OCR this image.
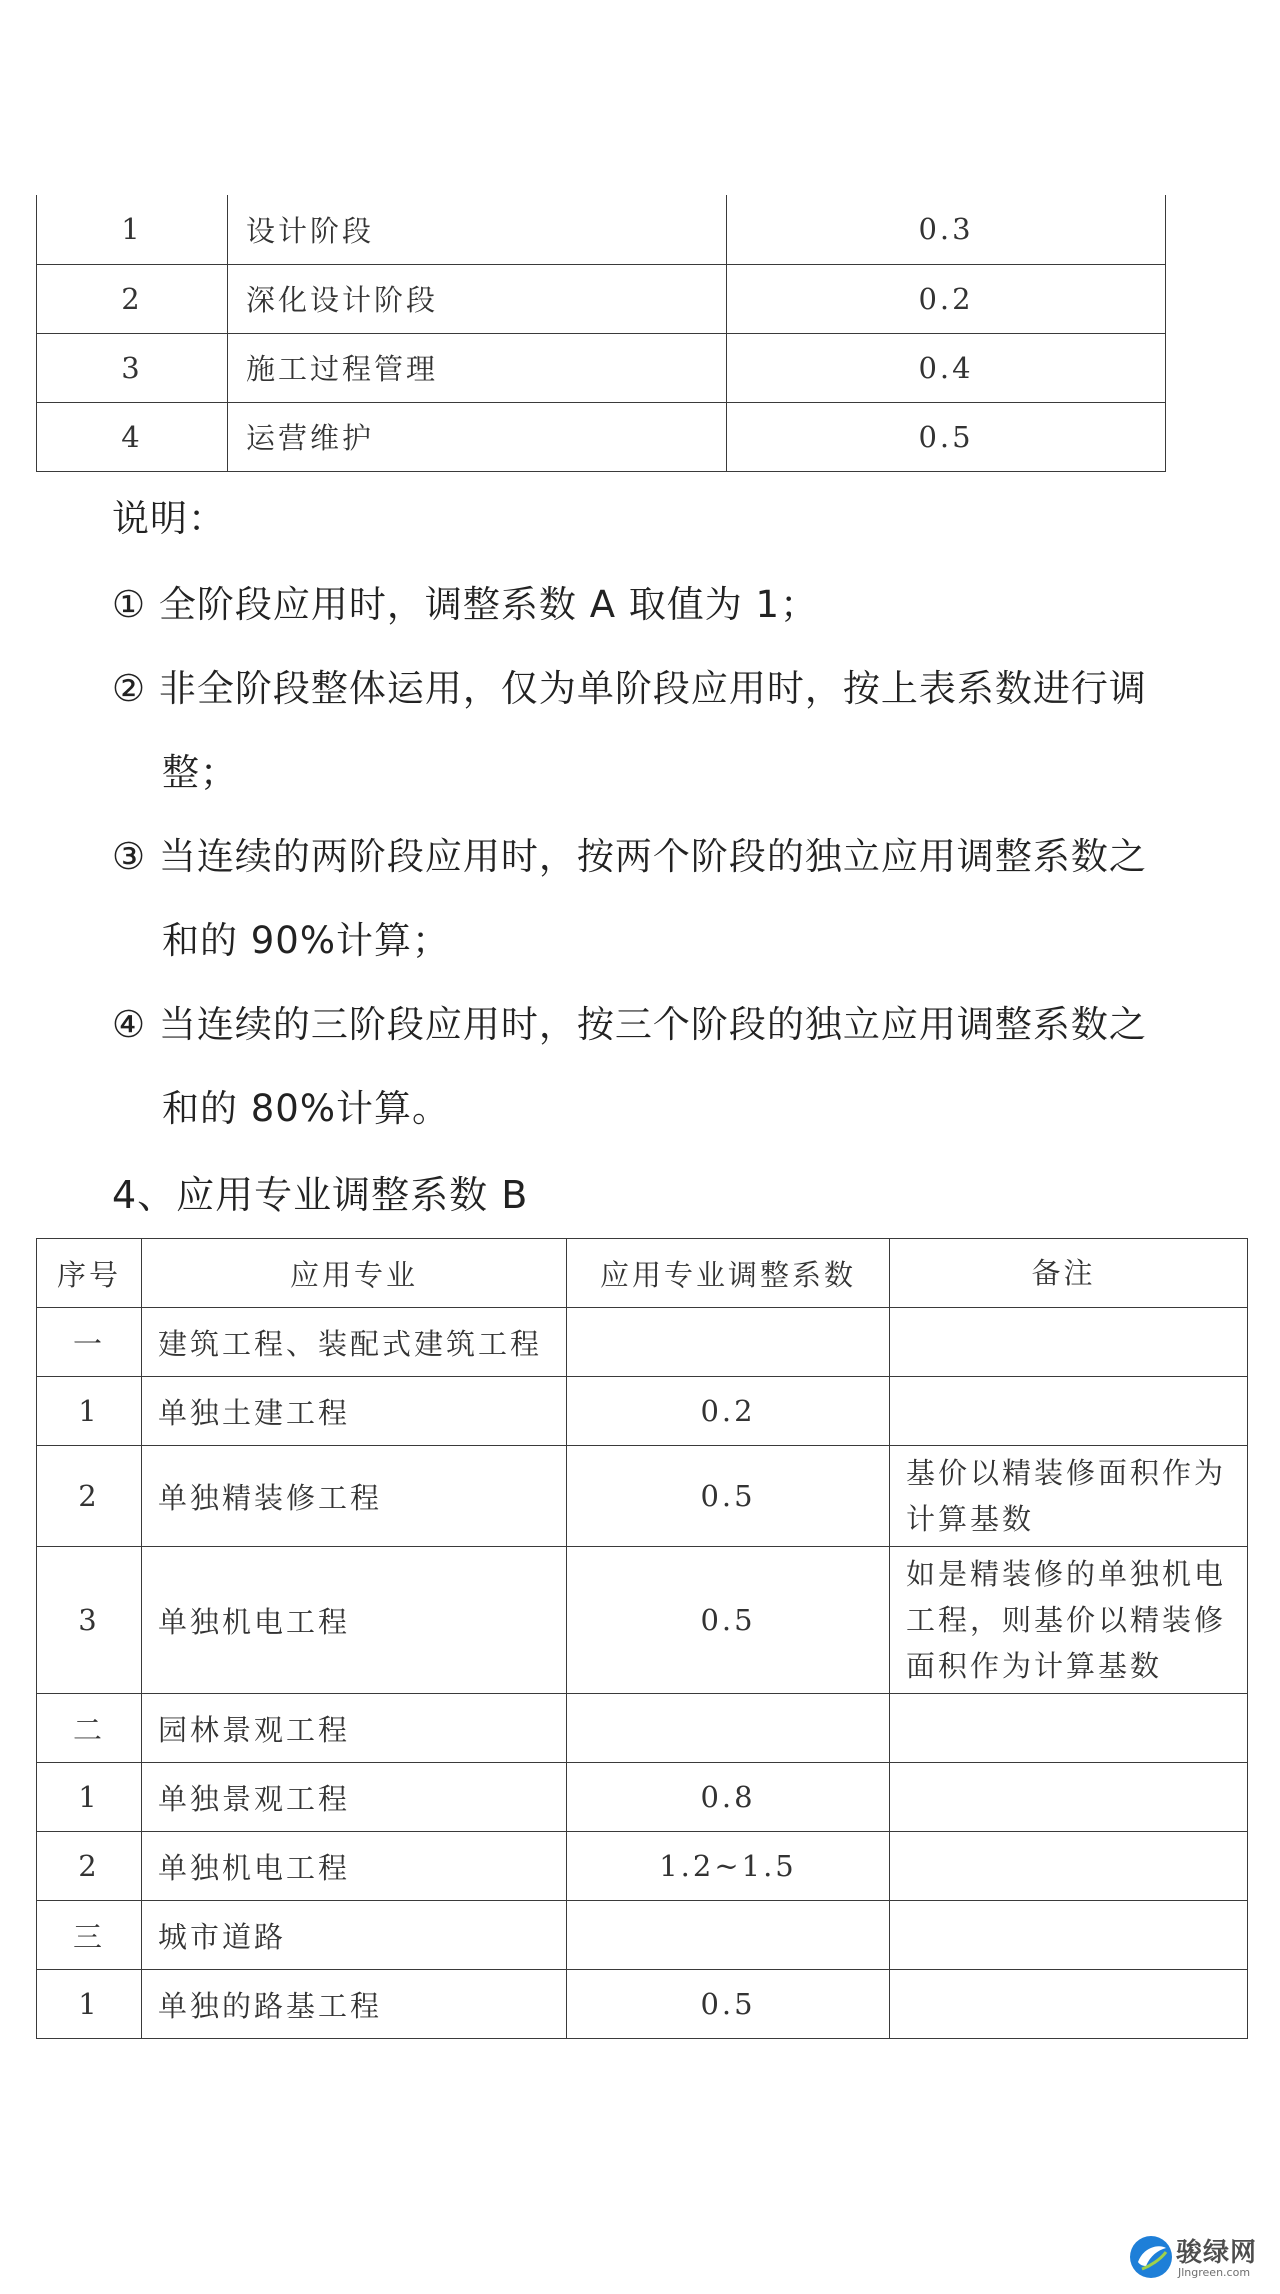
1	设计阶段	0.3
2	深化设计阶段	0.2
3	施工过程管理	0.4
4	运营维护	0.5
说明：
① 全阶段应用时，调整系数 A 取值为 1；
② 非全阶段整体运用，仅为单阶段应用时，按上表系数进行调
整；
③ 当连续的两阶段应用时，按两个阶段的独立应用调整系数之
和的 90%计算；
④ 当连续的三阶段应用时，按三个阶段的独立应用调整系数之
和的 80%计算。
4、应用专业调整系数 B
序号	应用专业	应用专业调整系数	备注
一	建筑工程、装配式建筑工程		
1	单独土建工程	0.2	
2	单独精装修工程	0.5	基价以精装修面积作为计算基数
3	单独机电工程	0.5	如是精装修的单独机电工程，则基价以精装修面积作为计算基数
二	园林景观工程		
1	单独景观工程	0.8	
2	单独机电工程	1.2~1.5	
三	城市道路		
1	单独的路基工程	0.5	
骏绿网
Jlngreen.com
